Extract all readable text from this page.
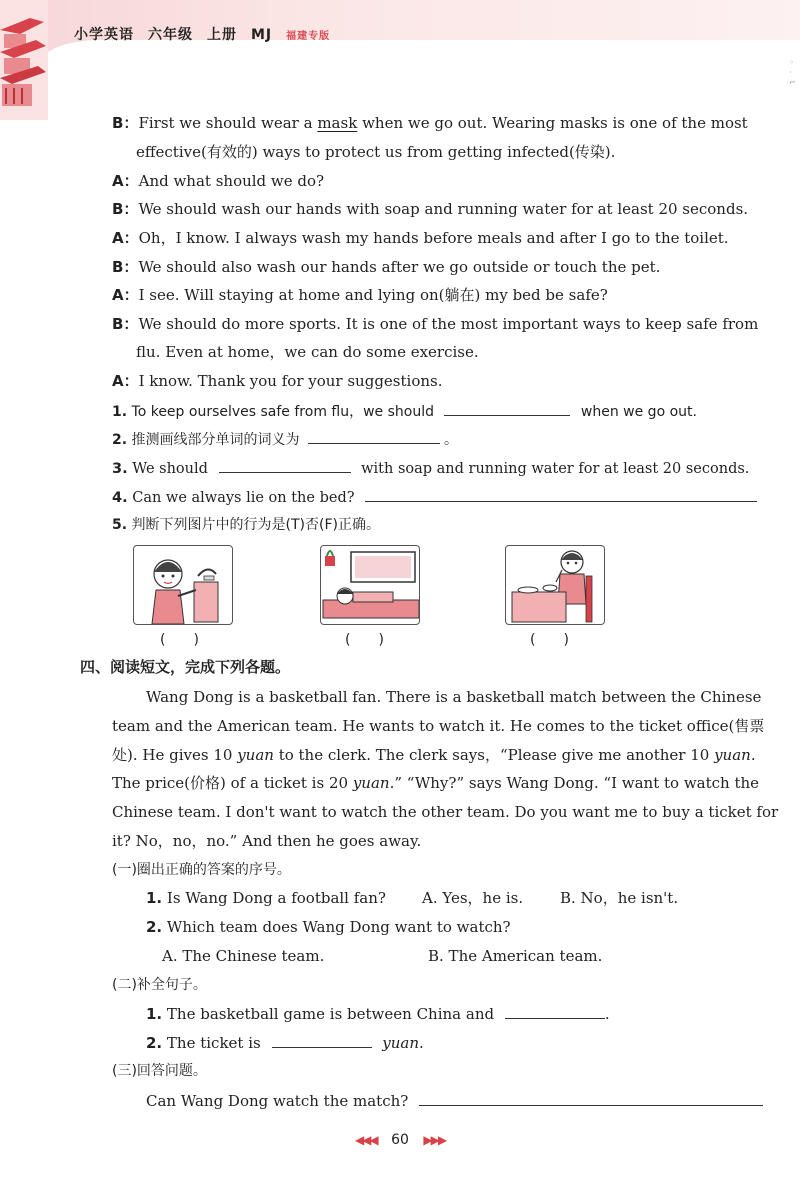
小学英语 六年级 上册 MJ 福建专版
◦
·
⌐
B：First we should wear a mask when we go out. Wearing masks is one of the most
effective(有效的) ways to protect us from getting infected(传染).
A：And what should we do?
B：We should wash our hands with soap and running water for at least 20 seconds.
A：Oh，I know. I always wash my hands before meals and after I go to the toilet.
B：We should also wash our hands after we go outside or touch the pet.
A：I see. Will staying at home and lying on(躺在) my bed be safe?
B：We should do more sports. It is one of the most important ways to keep safe from
flu. Even at home，we can do some exercise.
A：I know. Thank you for your suggestions.
1. To keep ourselves safe from flu，we should	when we go out.
2. 推测画线部分单词的词义为	。
3. We should	with soap and running water for at least 20 seconds.
4. Can we always lie on the bed?
5. 判断下列图片中的行为是(T)否(F)正确。
(　　)	(　　)	(　　)
四、阅读短文，完成下列各题。
Wang Dong is a basketball fan. There is a basketball match between the Chinese
team and the American team. He wants to watch it. He comes to the ticket office(售票
处). He gives 10 yuan to the clerk. The clerk says，“Please give me another 10 yuan.
The price(价格) of a ticket is 20 yuan.” “Why?” says Wang Dong. “I want to watch the
Chinese team. I don't want to watch the other team. Do you want me to buy a ticket for
it? No，no，no.” And then he goes away.
(一)圈出正确的答案的序号。
1. Is Wang Dong a football fan? A. Yes，he is. B. No，he isn't.
2. Which team does Wang Dong want to watch?
A. The Chinese team.	B. The American team.
(二)补全句子。
1. The basketball game is between China and	.
2. The ticket is	yuan.
(三)回答问题。
Can Wang Dong watch the match?
◀◀◀ 60 ▶▶▶
